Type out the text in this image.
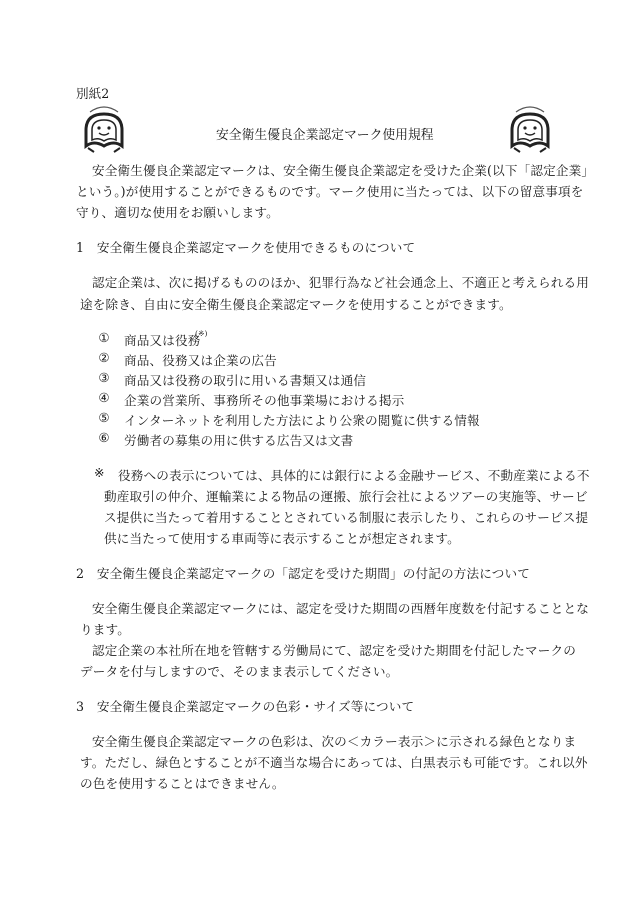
別紙2
安全衛生優良企業認定マーク使用規程
安全衛生優良企業認定マークは、安全衛生優良企業認定を受けた企業(以下「認定企業」
という。)が使用することができるものです。マーク使用に当たっては、以下の留意事項を
守り、適切な使用をお願いします。
1　安全衛生優良企業認定マークを使用できるものについて
認定企業は、次に掲げるもののほか、犯罪行為など社会通念上、不適正と考えられる用
途を除き、自由に安全衛生優良企業認定マークを使用することができます。
① 商品又は役務
(※)
② 商品、役務又は企業の広告
③ 商品又は役務の取引に用いる書類又は通信
④ 企業の営業所、事務所その他事業場における掲示
⑤ インターネットを利用した方法により公衆の閲覧に供する情報
⑥ 労働者の募集の用に供する広告又は文書
※ 役務への表示については、具体的には銀行による金融サービス、不動産業による不
動産取引の仲介、運輸業による物品の運搬、旅行会社によるツアーの実施等、サービ
ス提供に当たって着用することとされている制服に表示したり、これらのサービス提
供に当たって使用する車両等に表示することが想定されます。
2　安全衛生優良企業認定マークの「認定を受けた期間」の付記の方法について
安全衛生優良企業認定マークには、認定を受けた期間の西暦年度数を付記することとな
ります。
認定企業の本社所在地を管轄する労働局にて、認定を受けた期間を付記したマークの
データを付与しますので、そのまま表示してください。
3　安全衛生優良企業認定マークの色彩・サイズ等について
安全衛生優良企業認定マークの色彩は、次の＜カラー表示＞に示される緑色となりま
す。ただし、緑色とすることが不適当な場合にあっては、白黒表示も可能です。これ以外
の色を使用することはできません。
